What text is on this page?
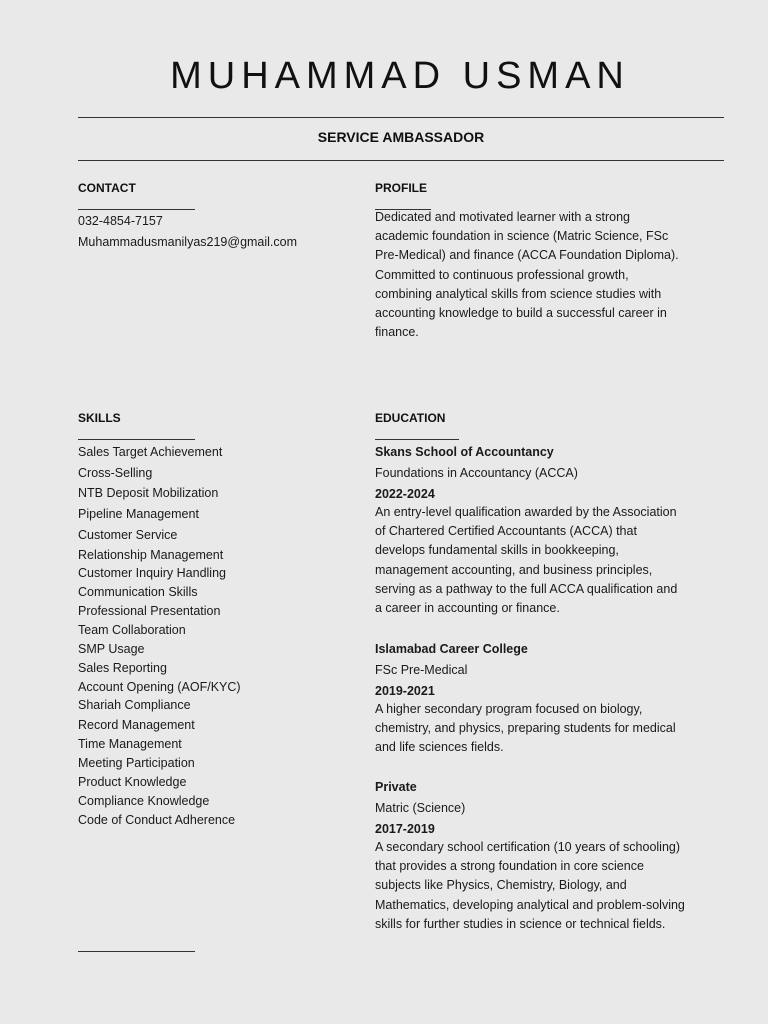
MUHAMMAD USMAN
SERVICE AMBASSADOR
CONTACT
032-4854-7157
Muhammadusmanilyas219@gmail.com
PROFILE
Dedicated and motivated learner with a strong
academic foundation in science (Matric Science, FSc
Pre-Medical) and finance (ACCA Foundation Diploma).
Committed to continuous professional growth,
combining analytical skills from science studies with
accounting knowledge to build a successful career in
finance.
SKILLS
Sales Target Achievement
Cross-Selling
NTB Deposit Mobilization
Pipeline Management
Customer Service
Relationship Management
Customer Inquiry Handling
Communication Skills
Professional Presentation
Team Collaboration
SMP Usage
Sales Reporting
Account Opening (AOF/KYC)
Shariah Compliance
Record Management
Time Management
Meeting Participation
Product Knowledge
Compliance Knowledge
Code of Conduct Adherence
EDUCATION
Skans School of Accountancy
Foundations in Accountancy (ACCA)
2022-2024
An entry-level qualification awarded by the Association
of Chartered Certified Accountants (ACCA) that
develops fundamental skills in bookkeeping,
management accounting, and business principles,
serving as a pathway to the full ACCA qualification and
a career in accounting or finance.
Islamabad Career College
FSc Pre-Medical
2019-2021
A higher secondary program focused on biology,
chemistry, and physics, preparing students for medical
and life sciences fields.
Private
Matric (Science)
2017-2019
A secondary school certification (10 years of schooling)
that provides a strong foundation in core science
subjects like Physics, Chemistry, Biology, and
Mathematics, developing analytical and problem-solving
skills for further studies in science or technical fields.
